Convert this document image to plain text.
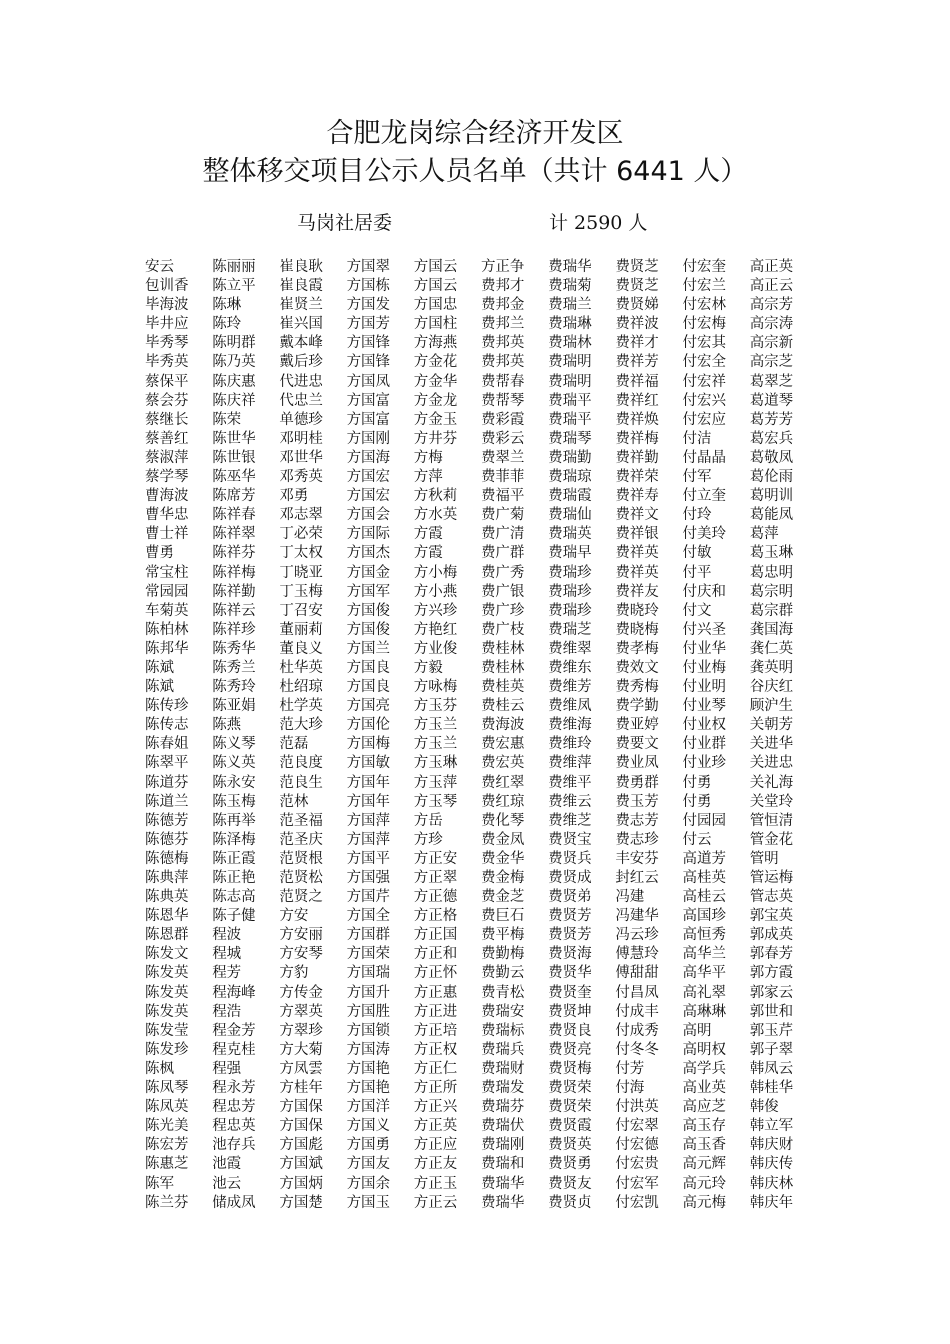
合肥龙岗综合经济开发区
整体移交项目公示人员名单（共计 6441 人）
马岗社居委	计 2590 人
安云
包训香
毕海波
毕井应
毕秀琴
毕秀英
蔡保平
蔡会芬
蔡继长
蔡善红
蔡淑萍
蔡学琴
曹海波
曹华忠
曹士祥
曹勇
常宝柱
常园园
车菊英
陈柏林
陈邦华
陈斌
陈斌
陈传珍
陈传志
陈春姐
陈翠平
陈道芬
陈道兰
陈德芳
陈德芬
陈德梅
陈典萍
陈典英
陈恩华
陈恩群
陈发文
陈发英
陈发英
陈发英
陈发莹
陈发珍
陈枫
陈凤琴
陈凤英
陈光美
陈宏芳
陈惠芝
陈军
陈兰芬
陈丽丽
陈立平
陈琳
陈玲
陈明群
陈乃英
陈庆惠
陈庆祥
陈荣
陈世华
陈世银
陈巫华
陈席芳
陈祥春
陈祥翠
陈祥芬
陈祥梅
陈祥勤
陈祥云
陈祥珍
陈秀华
陈秀兰
陈秀玲
陈亚娟
陈燕
陈义琴
陈义英
陈永安
陈玉梅
陈再举
陈泽梅
陈正霞
陈正艳
陈志高
陈子健
程波
程城
程芳
程海峰
程浩
程金芳
程克桂
程强
程永芳
程忠芳
程忠英
池存兵
池霞
池云
储成凤
崔良耿
崔良霞
崔贤兰
崔兴国
戴本峰
戴后珍
代进忠
代忠兰
单德珍
邓明桂
邓世华
邓秀英
邓勇
邓志翠
丁必荣
丁太权
丁晓亚
丁玉梅
丁召安
董丽莉
董良义
杜华英
杜绍琼
杜学英
范大珍
范磊
范良度
范良生
范林
范圣福
范圣庆
范贤根
范贤松
范贤之
方安
方安丽
方安琴
方豹
方传金
方翠英
方翠珍
方大菊
方凤雲
方桂年
方国保
方国保
方国彪
方国斌
方国炳
方国楚
方国翠
方国栋
方国发
方国芳
方国锋
方国锋
方国凤
方国富
方国富
方国刚
方国海
方国宏
方国宏
方国会
方国际
方国杰
方国金
方国军
方国俊
方国俊
方国兰
方国良
方国良
方国亮
方国伦
方国梅
方国敏
方国年
方国年
方国萍
方国萍
方国平
方国强
方国芹
方国全
方国群
方国荣
方国瑞
方国升
方国胜
方国锁
方国涛
方国艳
方国艳
方国洋
方国义
方国勇
方国友
方国余
方国玉
方国云
方国云
方国忠
方国柱
方海燕
方金花
方金华
方金龙
方金玉
方井芬
方梅
方萍
方秋莉
方水英
方霞
方霞
方小梅
方小燕
方兴珍
方艳红
方业俊
方毅
方咏梅
方玉芬
方玉兰
方玉兰
方玉琳
方玉萍
方玉琴
方岳
方珍
方正安
方正翠
方正德
方正格
方正国
方正和
方正怀
方正惠
方正进
方正培
方正权
方正仁
方正所
方正兴
方正英
方正应
方正友
方正玉
方正云
方正争
费邦才
费邦金
费邦兰
费邦英
费邦英
费帮春
费帮琴
费彩霞
费彩云
费翠兰
费菲菲
费福平
费广菊
费广清
费广群
费广秀
费广银
费广珍
费广枝
费桂林
费桂林
费桂英
费桂云
费海波
费宏惠
费宏英
费红翠
费红琼
费化琴
费金凤
费金华
费金梅
费金芝
费巨石
费平梅
费勤梅
费勤云
费青松
费瑞安
费瑞标
费瑞兵
费瑞财
费瑞发
费瑞芬
费瑞伏
费瑞刚
费瑞和
费瑞华
费瑞华
费瑞华
费瑞菊
费瑞兰
费瑞琳
费瑞林
费瑞明
费瑞明
费瑞平
费瑞平
费瑞琴
费瑞勤
费瑞琼
费瑞霞
费瑞仙
费瑞英
费瑞早
费瑞珍
费瑞珍
费瑞珍
费瑞芝
费维翠
费维东
费维芳
费维凤
费维海
费维玲
费维萍
费维平
费维云
费维芝
费贤宝
费贤兵
费贤成
费贤弟
费贤芳
费贤芳
费贤海
费贤华
费贤奎
费贤坤
费贤良
费贤亮
费贤梅
费贤荣
费贤荣
费贤霞
费贤英
费贤勇
费贤友
费贤贞
费贤芝
费贤芝
费贤娣
费祥波
费祥才
费祥芳
费祥福
费祥红
费祥焕
费祥梅
费祥勤
费祥荣
费祥寿
费祥文
费祥银
费祥英
费祥英
费祥友
费晓玲
费晓梅
费孝梅
费效文
费秀梅
费学勤
费亚婷
费要文
费业凤
费勇群
费玉芳
费志芳
费志珍
丰安芬
封红云
冯建
冯建华
冯云珍
傅慧玲
傅甜甜
付昌凤
付成丰
付成秀
付冬冬
付芳
付海
付洪英
付宏翠
付宏德
付宏贵
付宏军
付宏凯
付宏奎
付宏兰
付宏林
付宏梅
付宏其
付宏全
付宏祥
付宏兴
付宏应
付洁
付晶晶
付军
付立奎
付玲
付美玲
付敏
付平
付庆和
付文
付兴圣
付业华
付业梅
付业明
付业琴
付业权
付业群
付业珍
付勇
付勇
付园园
付云
高道芳
高桂英
高桂云
高国珍
高恒秀
高华兰
高华平
高礼翠
高琳琳
高明
高明权
高学兵
高业英
高应芝
高玉存
高玉香
高元辉
高元玲
高元梅
高正英
高正云
高宗芳
高宗涛
高宗新
高宗芝
葛翠芝
葛道琴
葛芳芳
葛宏兵
葛敬凤
葛伦雨
葛明训
葛能凤
葛萍
葛玉琳
葛忠明
葛宗明
葛宗群
龚国海
龚仁英
龚英明
谷庆红
顾沪生
关朝芳
关进华
关进忠
关礼海
关堂玲
管恒清
管金花
管明
管运梅
管志英
郭宝英
郭成英
郭春芳
郭方霞
郭家云
郭世和
郭玉芹
郭子翠
韩凤云
韩桂华
韩俊
韩立军
韩庆财
韩庆传
韩庆林
韩庆年
